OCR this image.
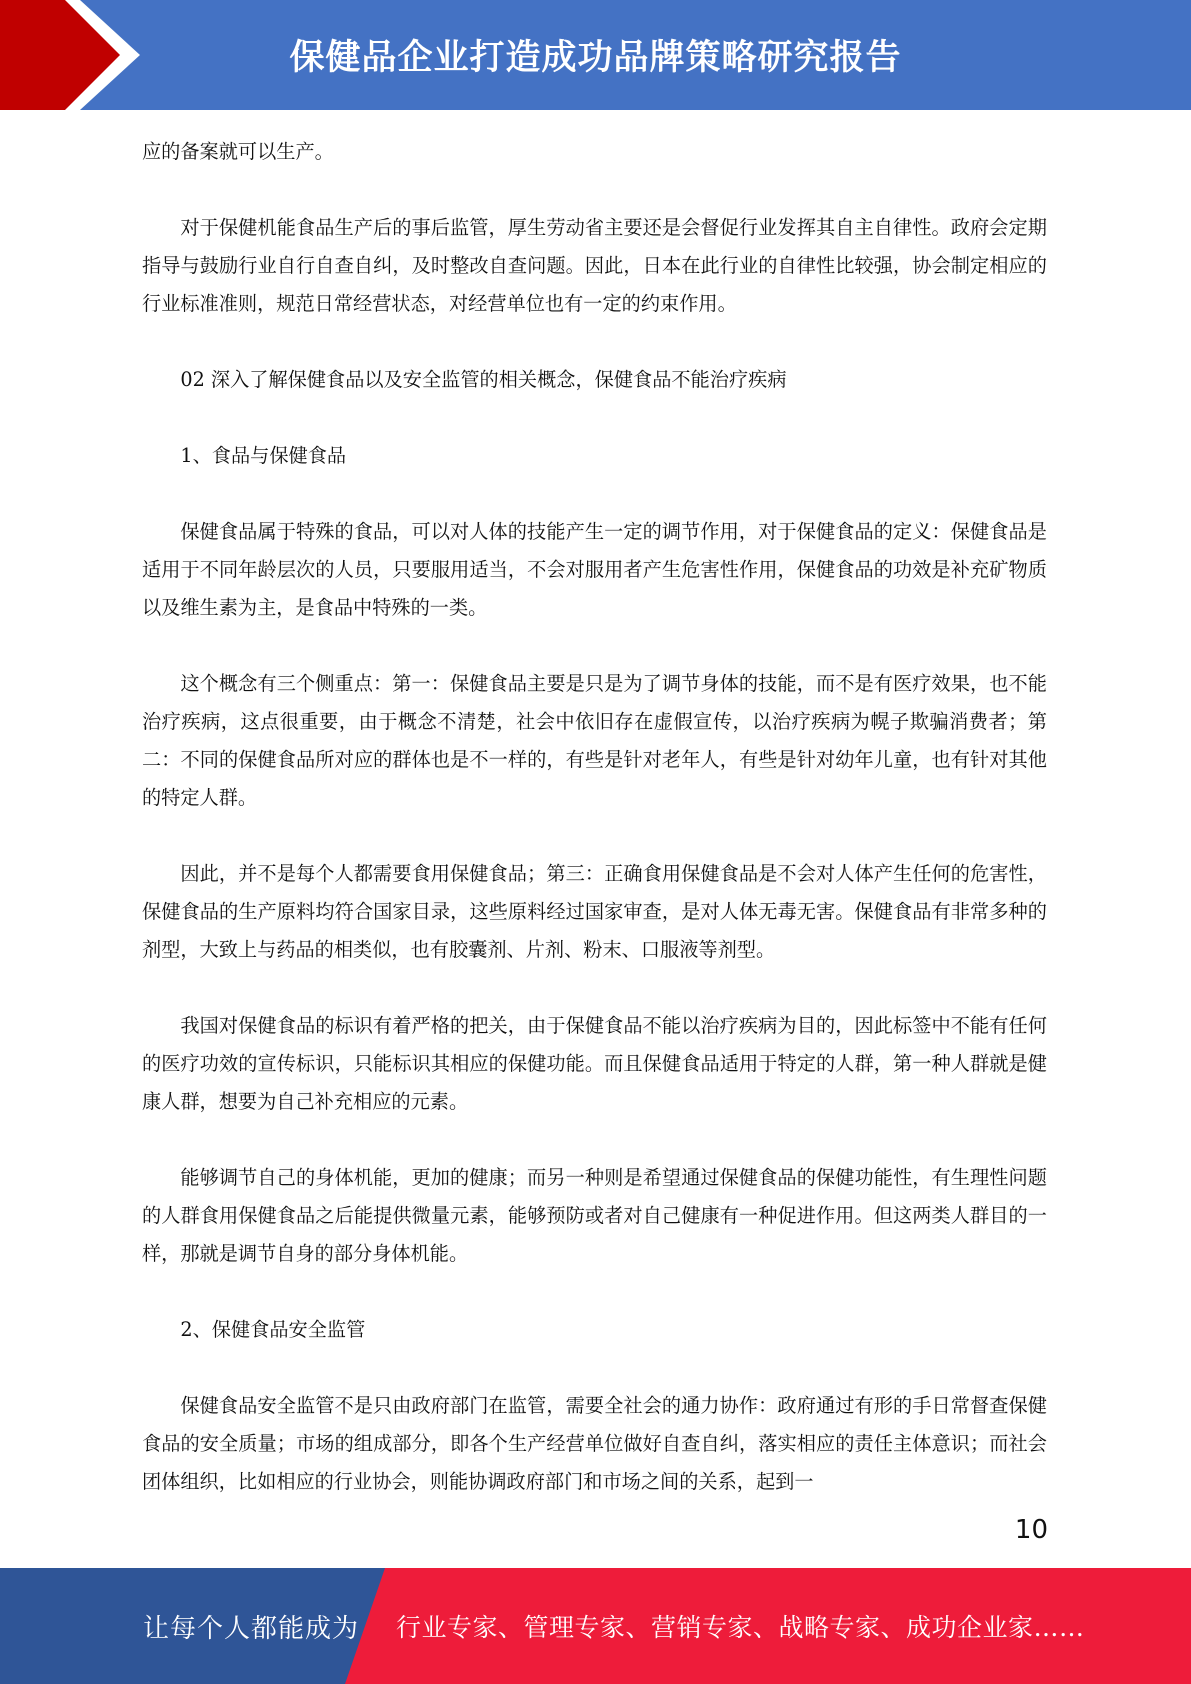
保健品企业打造成功品牌策略研究报告

应的备案就可以生产。

对于保健机能食品生产后的事后监管，厚生劳动省主要还是会督促行业发挥其自主自律性。政府会定期指导与鼓励行业自行自查自纠，及时整改自查问题。因此，日本在此行业的自律性比较强，协会制定相应的行业标准准则，规范日常经营状态，对经营单位也有一定的约束作用。

02 深入了解保健食品以及安全监管的相关概念，保健食品不能治疗疾病

1、食品与保健食品

保健食品属于特殊的食品，可以对人体的技能产生一定的调节作用，对于保健食品的定义：保健食品是适用于不同年龄层次的人员，只要服用适当，不会对服用者产生危害性作用，保健食品的功效是补充矿物质以及维生素为主，是食品中特殊的一类。

这个概念有三个侧重点：第一：保健食品主要是只是为了调节身体的技能，而不是有医疗效果，也不能治疗疾病，这点很重要，由于概念不清楚，社会中依旧存在虚假宣传，以治疗疾病为幌子欺骗消费者；第二：不同的保健食品所对应的群体也是不一样的，有些是针对老年人，有些是针对幼年儿童，也有针对其他的特定人群。

因此，并不是每个人都需要食用保健食品；第三：正确食用保健食品是不会对人体产生任何的危害性，保健食品的生产原料均符合国家目录，这些原料经过国家审查，是对人体无毒无害。保健食品有非常多种的剂型，大致上与药品的相类似，也有胶囊剂、片剂、粉末、口服液等剂型。

我国对保健食品的标识有着严格的把关，由于保健食品不能以治疗疾病为目的，因此标签中不能有任何的医疗功效的宣传标识，只能标识其相应的保健功能。而且保健食品适用于特定的人群，第一种人群就是健康人群，想要为自己补充相应的元素。

能够调节自己的身体机能，更加的健康；而另一种则是希望通过保健食品的保健功能性，有生理性问题的人群食用保健食品之后能提供微量元素，能够预防或者对自己健康有一种促进作用。但这两类人群目的一样，那就是调节自身的部分身体机能。

2、保健食品安全监管

保健食品安全监管不是只由政府部门在监管，需要全社会的通力协作：政府通过有形的手日常督查保健食品的安全质量；市场的组成部分，即各个生产经营单位做好自查自纠，落实相应的责任主体意识；而社会团体组织，比如相应的行业协会，则能协调政府部门和市场之间的关系，起到一

10
让每个人都能成为 行业专家、管理专家、营销专家、战略专家、成功企业家……
